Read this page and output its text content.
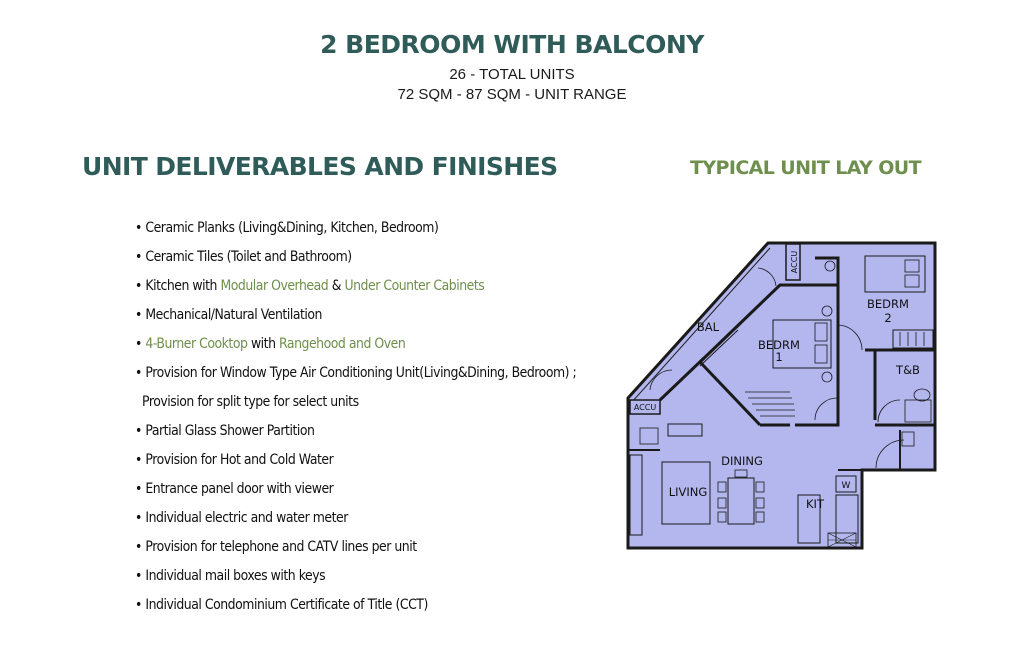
2 BEDROOM WITH BALCONY
26 - TOTAL UNITS
72 SQM - 87 SQM - UNIT RANGE
UNIT DELIVERABLES AND FINISHES	TYPICAL UNIT LAY OUT
• Ceramic Planks (Living&Dining, Kitchen, Bedroom)
• Ceramic Tiles (Toilet and Bathroom)
• Kitchen with Modular Overhead & Under Counter Cabinets
• Mechanical/Natural Ventilation
• 4-Burner Cooktop with Rangehood and Oven
• Provision for Window Type Air Conditioning Unit(Living&Dining, Bedroom) ;
Provision for split type for select units
• Partial Glass Shower Partition
• Provision for Hot and Cold Water
• Entrance panel door with viewer
• Individual electric and water meter
• Provision for telephone and CATV lines per unit
• Individual mail boxes with keys
• Individual Condominium Certificate of Title (CCT)
ACCU
ACCU
W
BAL
BEDRM
1
BEDRM
2
T&B
DINING
LIVING
KIT
